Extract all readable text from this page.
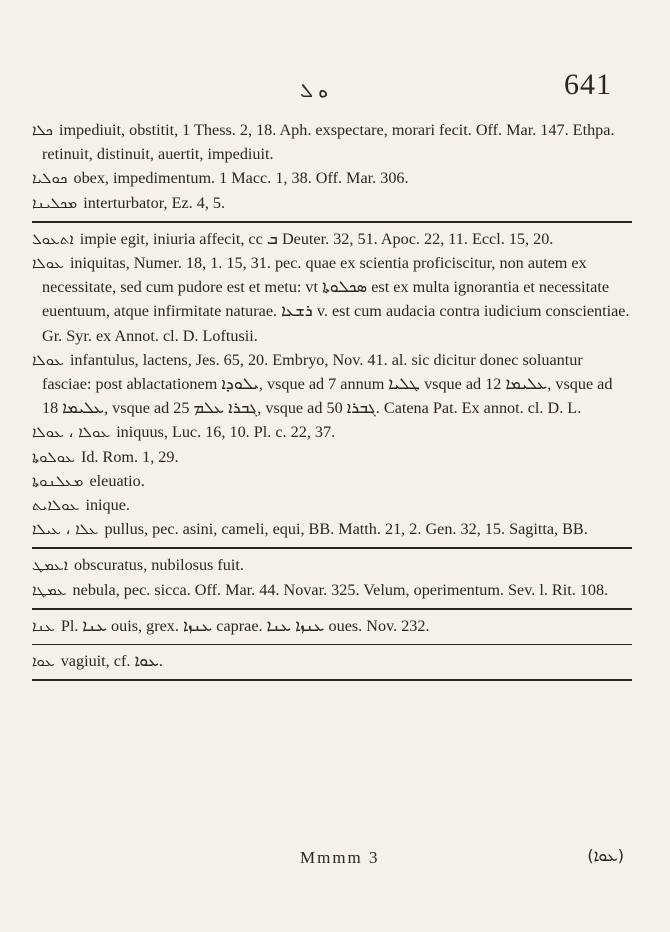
ه ܠ	641

ܟܠܐ impediuit, obstitit, 1 Thess. 2, 18. Aph. exspectare, morari fecit. Off. Mar. 147. Ethpa. retinuit, distinuit, auertit, impediuit.

ܟܘܠܝܐ obex, impedimentum. 1 Macc. 1, 38. Off. Mar. 306.

ܡܟܠܝܢܐ interturbator, Ez. 4, 5.

ܐܬܥܘܠ impie egit, iniuria affecit, cc ܒ Deuter. 32, 51. Apoc. 22, 11. Eccl. 15, 20.

ܥܘܠܐ iniquitas, Numer. 18, 1. 15, 31. pec. quae ex scientia proficiscitur, non autem ex necessitate, sed cum pudore est et metu: vt ܣܟܠܘܬܐ est ex multa ignorantia et necessitate euentuum, atque infirmitate naturae. ܪܫܥܐ v. est cum audacia contra iudicium conscientiae. Gr. Syr. ex Annot. cl. D. Loftusii.

ܥܘܠܐ infantulus, lactens, Jes. 65, 20. Embryo, Nov. 41. al. sic dicitur donec soluantur fasciae: post ablactationem ܝܠܘܕܐ, vsque ad 7 annum ܛܠܝܐ vsque ad 12 ܥܠܝܡܐ, vsque ad 18 ܥܠܝܡܐ, vsque ad 25 ܓܒܪܐ ܥܠܡ, vsque ad 50 ܓܒܪܐ. Catena Pat. Ex annot. cl. D. L.

ܥܘܠܐ ، ܥܘܠܐ iniquus, Luc. 16, 10. Pl. c. 22, 37.

ܥܘܠܘܬܐ Id. Rom. 1, 29.

ܡܥܠܢܘܬܐ eleuatio.

ܥܘܠܐܝܬ inique.

ܥܠܐ ، ܥܝܠܐ pullus, pec. asini, cameli, equi, BB. Matth. 21, 2. Gen. 32, 15. Sagitta, BB.

ܐܥܡܛ obscuratus, nubilosus fuit.

ܥܡܛܐ nebula, pec. sicca. Off. Mar. 44. Novar. 325. Velum, operimentum. Sev. l. Rit. 108.

ܥܢܐ Pl. ܥܢܐ ouis, grex. ܥܢܙܐ caprae. ܥܢܙܐ ܥܢܐ oues. Nov. 232.

ܥܘܐ vagiuit, cf. ܥܘܐ.

Mmmm 3	(ܥܘܐ)
